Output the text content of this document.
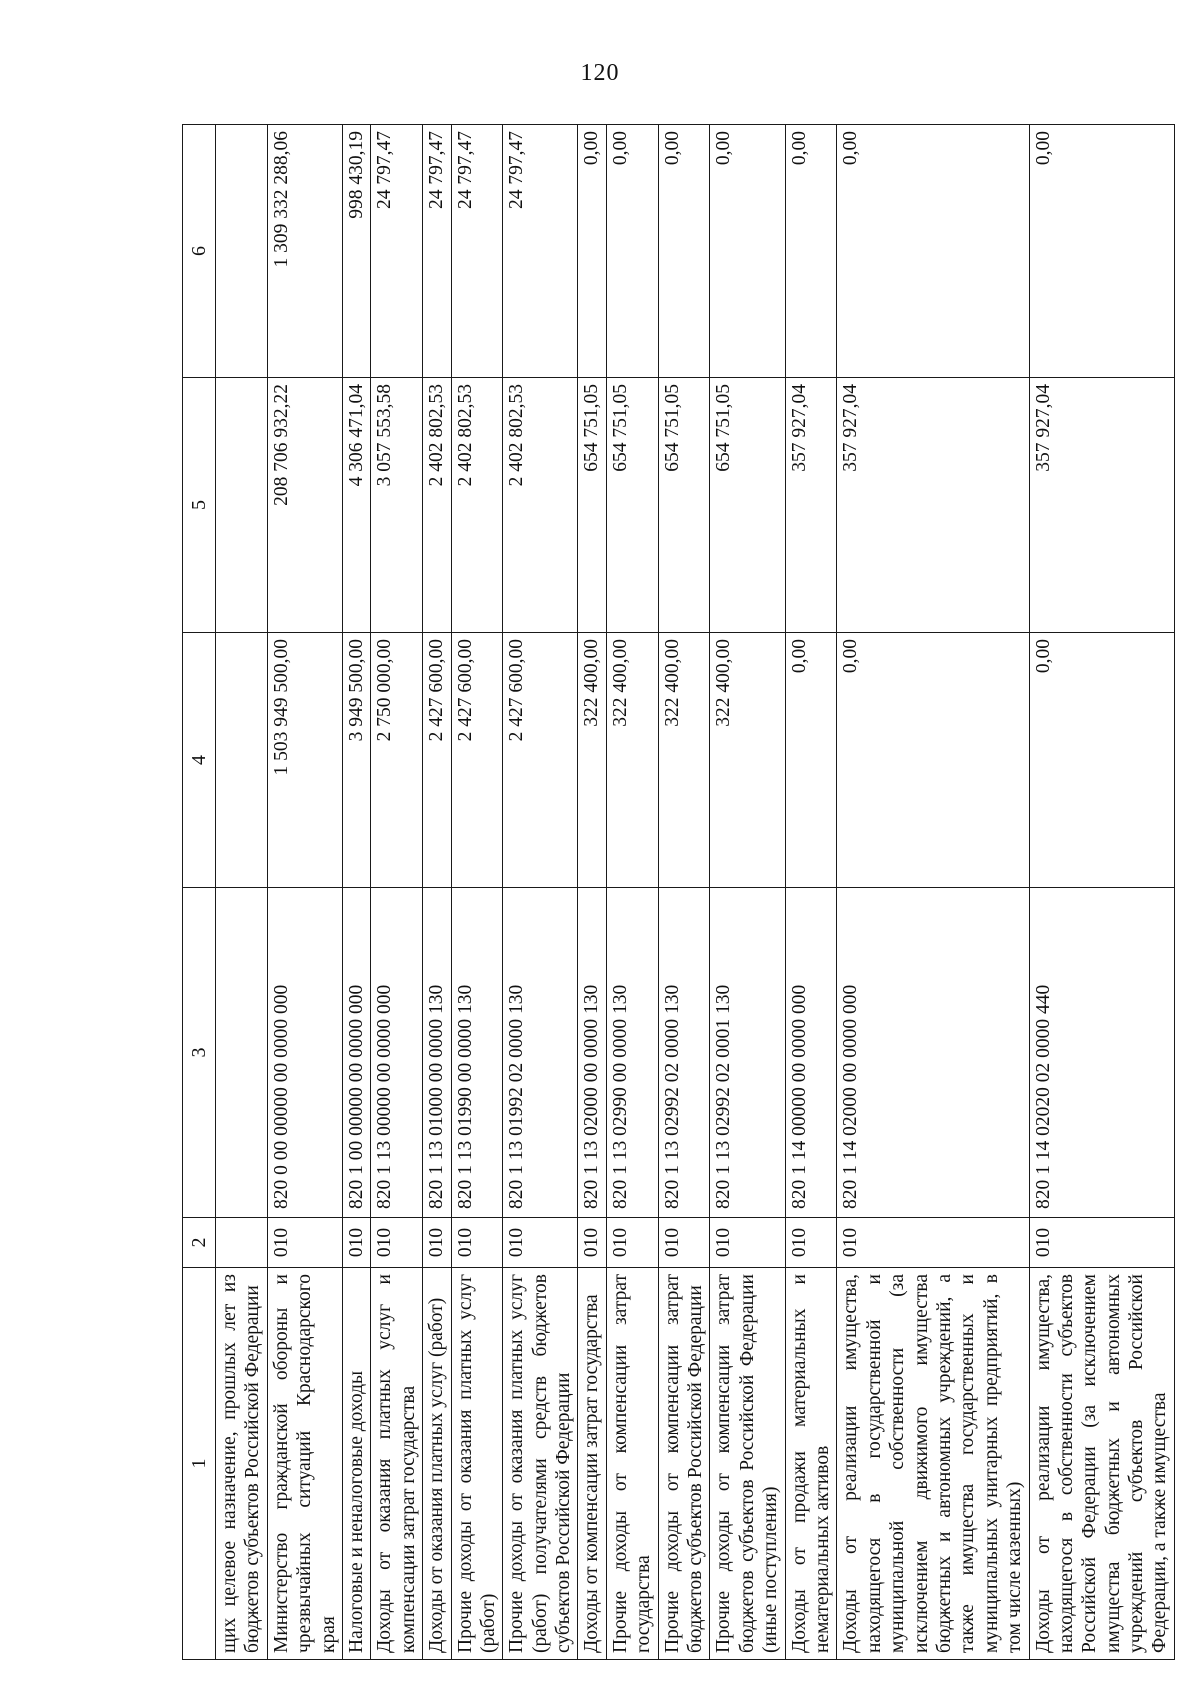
120
1	2	3	4	5	6
щих целевое назначение, прошлых лет из бюджетов субъектов Российской Федерации					
Министерство гражданской обороны и чрезвычайных ситуаций Краснодарского края	010	820 0 00 00000 00 0000 000	1 503 949 500,00	208 706 932,22	1 309 332 288,06
Налоговые и неналоговые доходы	010	820 1 00 00000 00 0000 000	3 949 500,00	4 306 471,04	998 430,19
Доходы от оказания платных услуг и компенсации затрат государства	010	820 1 13 00000 00 0000 000	2 750 000,00	3 057 553,58	24 797,47
Доходы от оказания платных услуг (работ)	010	820 1 13 01000 00 0000 130	2 427 600,00	2 402 802,53	24 797,47
Прочие доходы от оказания платных услуг (работ)	010	820 1 13 01990 00 0000 130	2 427 600,00	2 402 802,53	24 797,47
Прочие доходы от оказания платных услуг (работ) получателями средств бюджетов субъектов Российской Федерации	010	820 1 13 01992 02 0000 130	2 427 600,00	2 402 802,53	24 797,47
Доходы от компенсации затрат государства	010	820 1 13 02000 00 0000 130	322 400,00	654 751,05	0,00
Прочие доходы от компенсации затрат государства	010	820 1 13 02990 00 0000 130	322 400,00	654 751,05	0,00
Прочие доходы от компенсации затрат бюджетов субъектов Российской Федерации	010	820 1 13 02992 02 0000 130	322 400,00	654 751,05	0,00
Прочие доходы от компенсации затрат бюджетов субъектов Российской Федерации (иные поступления)	010	820 1 13 02992 02 0001 130	322 400,00	654 751,05	0,00
Доходы от продажи материальных и нематериальных активов	010	820 1 14 00000 00 0000 000	0,00	357 927,04	0,00
Доходы от реализации имущества, находящегося в государственной и муниципальной собственности (за исключением движимого имущества бюджетных и автономных учреждений, а также имущества государственных и муниципальных унитарных предприятий, в том числе казенных)	010	820 1 14 02000 00 0000 000	0,00	357 927,04	0,00
Доходы от реализации имущества, находящегося в собственности субъектов Российской Федерации (за исключением имущества бюджетных и автономных учреждений субъектов Российской Федерации, а также имущества	010	820 1 14 02020 02 0000 440	0,00	357 927,04	0,00
